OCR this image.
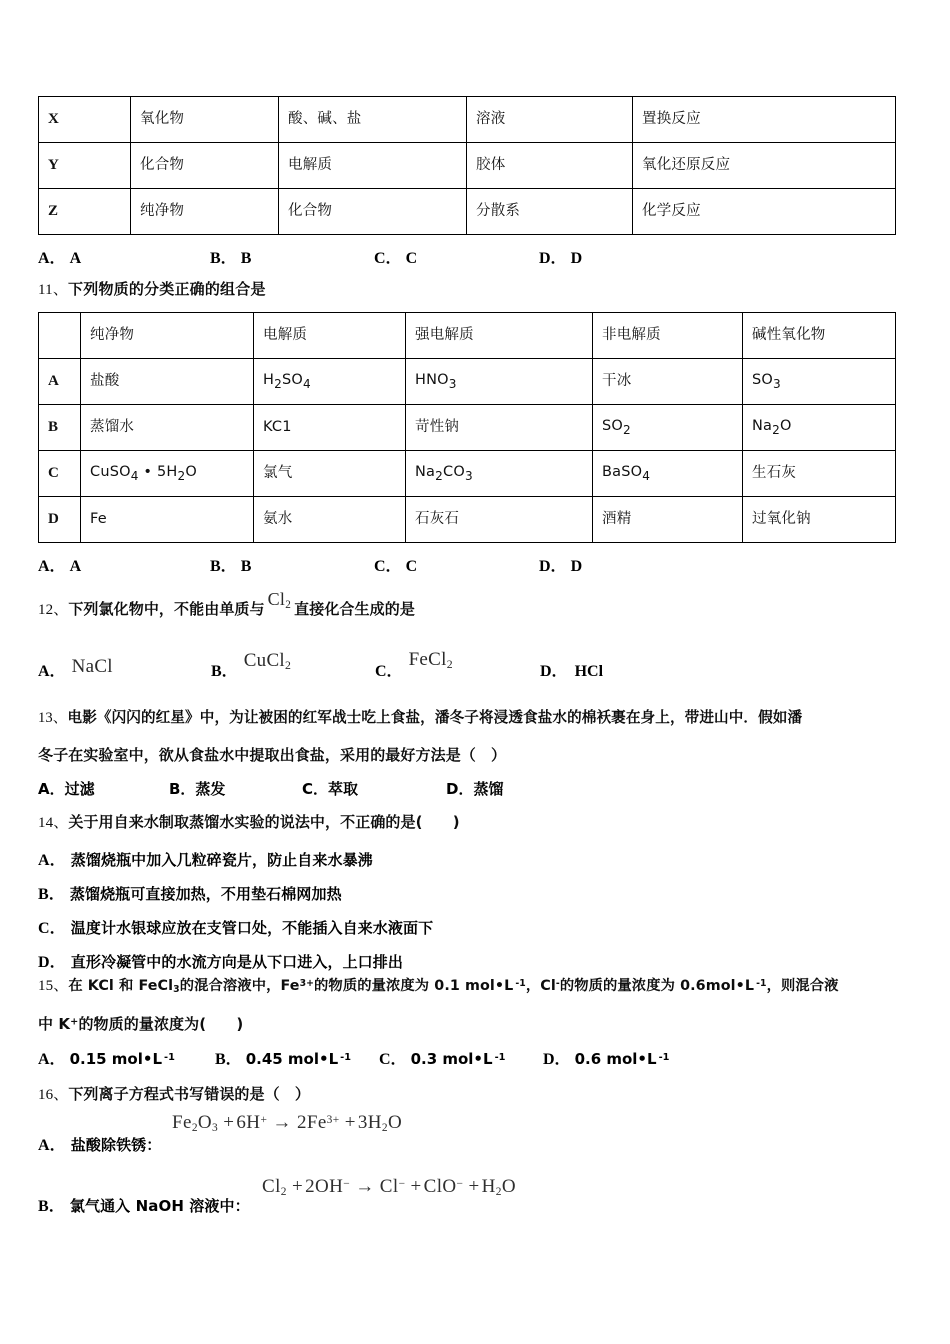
X	氧化物	酸、碱、盐	溶液	置换反应
Y	化合物	电解质	胶体	氧化还原反应
Z	纯净物	化合物	分散系	化学反应
A． A	B． B	C． C	D． D
11、下列物质的分类正确的组合是
	纯净物	电解质	强电解质	非电解质	碱性氧化物
A	盐酸	$H_2SO_4$	$HNO_3$	干冰	$SO_3$
B	蒸馏水	KC1	苛性钠	$SO_2$	$Na_2O$
C	CuSO$_4$ • $5H_2O$	氯气	$Na_2CO_3$	BaSO$_4$	生石灰
D	Fe	氨水	石灰石	酒精	过氧化钠
A． A	B． B	C． C	D． D
12、下列氯化物中，不能由单质与 $Cl_2$ 直接化合生成的是
A． NaCl	B．CuCl$_2$	C．FeCl$_2$	D． HCl
13、电影《闪闪的红星》中，为让被困的红军战士吃上食盐，潘冬子将浸透食盐水的棉袄裹在身上，带进山中．假如潘
冬子在实验室中，欲从食盐水中提取出食盐，采用的最好方法是（　）
A．过滤	B．蒸发	C．萃取	D．蒸馏
14、关于用自来水制取蒸馏水实验的说法中，不正确的是(　　)
A． 蒸馏烧瓶中加入几粒碎瓷片，防止自来水暴沸
B． 蒸馏烧瓶可直接加热，不用垫石棉网加热
C． 温度计水银球应放在支管口处，不能插入自来水液面下
D． 直形冷凝管中的水流方向是从下口进入，上口排出
15、在 KCl 和 FeCl3的混合溶液中，$Fe^{3+}$的物质的量浓度为 0.1 mol•L $^{-1}$，Cl-的物质的量浓度为 0.6mol•L $^{-1}$，则混合液
中 K+的物质的量浓度为(　　)
A． 0.15 mol•L $^{-1}$	B． 0.45 mol•L $^{-1}$ C． 0.3 mol•L $^{-1}$ D． 0.6 mol•L $^{-1}$
16、下列离子方程式书写错误的是（　）
A． 盐酸除铁锈：
$Fe_2O_3$ + $6H^+ \to 2Fe^{3+}$ + $3H_2O$
B． 氯气通入 NaOH 溶液中：
$Cl_2$ + 2OH− → Cl− + ClO− + $H_2O$
